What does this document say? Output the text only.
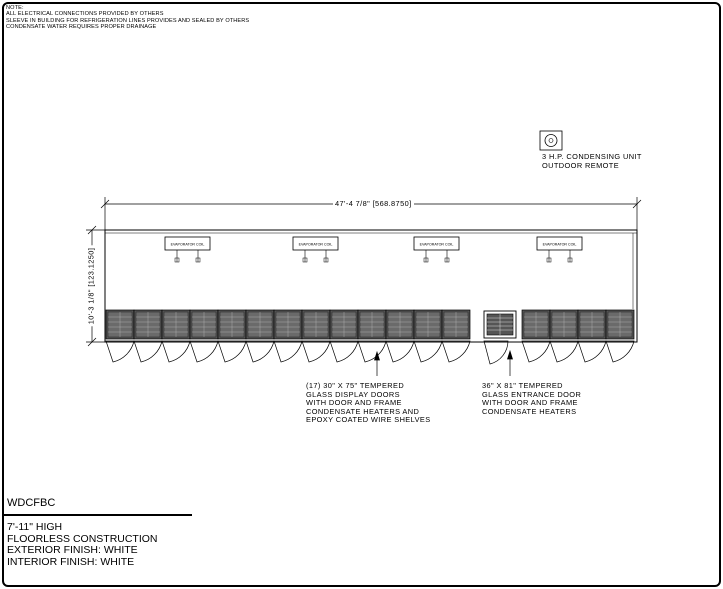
NOTE:
ALL ELECTRICAL CONNECTIONS PROVIDED BY OTHERS
SLEEVE IN BUILDING FOR REFRIGERATION LINES PROVIDES AND SEALED BY OTHERS
CONDENSATE WATER REQUIRES PROPER DRAINAGE
EVAPORATOR COIL	EVAPORATOR COIL	EVAPORATOR COIL	EVAPORATOR COIL
3 H.P. CONDENSING UNIT
OUTDOOR REMOTE
47'-4 7/8" [568.8750]
10'-3 1/8" [123.1250]
(17) 30" X 75" TEMPERED
GLASS DISPLAY DOORS
WITH DOOR AND FRAME
CONDENSATE HEATERS AND
EPOXY COATED WIRE SHELVES
36" X 81" TEMPERED
GLASS ENTRANCE DOOR
WITH DOOR AND FRAME
CONDENSATE HEATERS
WDCFBC
7'-11" HIGH
FLOORLESS CONSTRUCTION
EXTERIOR FINISH: WHITE
INTERIOR FINISH: WHITE
